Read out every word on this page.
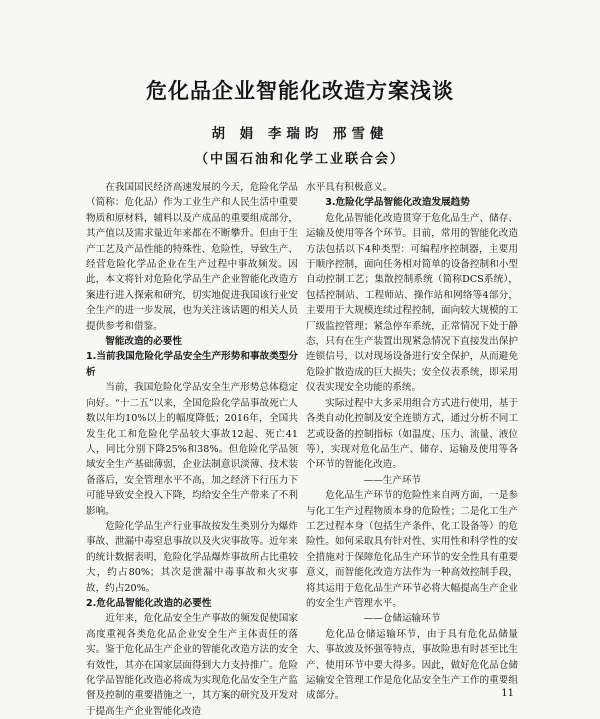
危化品企业智能化改造方案浅谈
胡 娟 李瑞昀 邢雪健
（中国石油和化学工业联合会）

在我国国民经济高速发展的今天，危险化学品（简称：危化品）作为工业生产和人民生活中重要物质和原材料，辅料以及产成品的重要组成部分，其产值以及需求量近年来都在不断攀升。但由于生产工艺及产品性能的特殊性、危险性，导致生产、经营危险化学品企业在生产过程中事故频发。因此，本文将针对危险化学品生产企业智能化改造方案进行进入探索和研究，切实地促进我国该行业安全生产的进一步发展，也为关注该话题的相关人员提供参考和借鉴。

智能改造的必要性

1.当前我国危险化学品安全生产形势和事故类型分析

当前，我国危险化学品安全生产形势总体稳定向好。“十二五”以来，全国危险化学品事故死亡人数以年均10%以上的幅度降低；2016年，全国共发生化工和危险化学品较大事故12起、死亡41人，同比分别下降25%和38%。但危险化学品领域安全生产基础薄弱，企业法制意识淡薄、技术装备落后，安全管理水平不高，加之经济下行压力下可能导致安全投入下降，均给安全生产带来了不利影响。

危险化学品生产行业事故按发生类别分为爆炸事故、泄漏中毒窒息事故以及火灾事故等。近年来的统计数据表明，危险化学品爆炸事故所占比重较大，约占80%；其次是泄漏中毒事故和火灾事故，约占20%。

2.危化品智能化改造的必要性

近年来，危化品安全生产事故的频发促使国家高度重视各类危化品企业安全生产主体责任的落实。鉴于危化品生产企业的智能化改造方法的安全有效性，其亦在国家层面得到大力支持推广。危险化学品智能化改造必将成为实现危化品安全生产监督及控制的重要措施之一，其方案的研究及开发对于提高生产企业智能化改造

水平具有积极意义。

3.危险化学品智能化改造发展趋势

危化品智能化改造贯穿于危化品生产、储存、运输及使用等各个环节。目前，常用的智能化改造方法包括以下4种类型：可编程序控制器，主要用于顺序控制，面向任务相对简单的设备控制和小型自动控制工艺；集散控制系统（简称DCS系统），包括控制站、工程师站、操作站和网络等4部分，主要用于大规模连续过程控制，面向较大规模的工厂级监控管理；紧急停车系统，正常情况下处于静态，只有在生产装置出现紧急情况下直接发出保护连锁信号，以对现场设备进行安全保护，从而避免危险扩散造成的巨大损失；安全仪表系统，即采用仪表实现安全功能的系统。

实际过程中大多采用组合方式进行使用，基于各类自动化控制及安全连锁方式，通过分析不同工艺或设备的控制指标（如温度、压力、流量、液位等），实现对危化品生产、储存、运输及使用等各个环节的智能化改造。

——生产环节

危化品生产环节的危险性来自两方面，一是参与化工生产过程物质本身的危险性；二是化工生产工艺过程本身（包括生产条件、化工设备等）的危险性。如何采取具有针对性、实用性和科学性的安全措施对于保障危化品生产环节的安全性具有重要意义，而智能化改造方法作为一种高效控制手段，将其运用于危化品生产环节必将大幅提高生产企业的安全生产管理水平。

——仓储运输环节

危化品仓储运输环节，由于具有危化品储量大、事故波及怀强等特点，事故险患有时甚至比生产、使用环节中要大得多。因此，做好危化品仓储运输安全管理工作是危化品安全生产工作的重要组成部分。	11
